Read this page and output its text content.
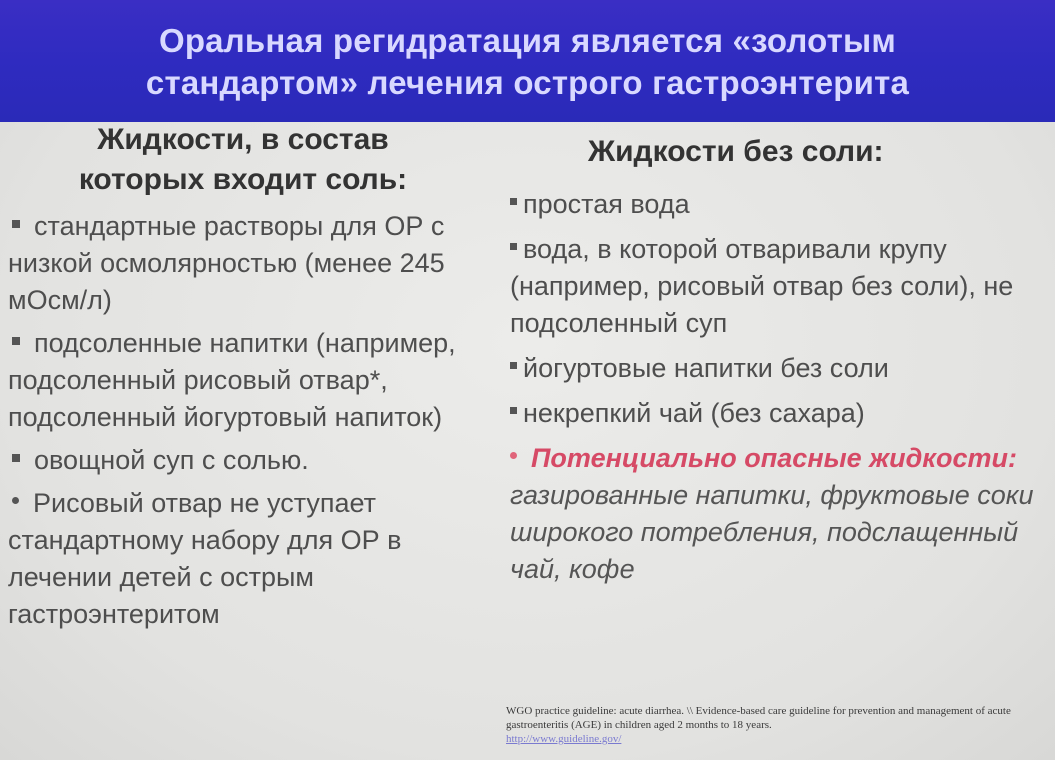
Оральная регидратация является «золотым
стандартом» лечения острого гастроэнтерита
Жидкости, в состав
которых входит соль:
стандартные растворы для ОР с низкой осмолярностью (менее 245 мОсм/л)
подсоленные напитки (например, подсоленный рисовый отвар*, подсоленный йогуртовый напиток)
овощной суп с солью.
Рисовый отвар не уступает стандартному набору для ОР в лечении детей с острым гастроэнтеритом
Жидкости без соли:
простая вода
вода, в которой отваривали крупу (например, рисовый отвар без соли), не подсоленный суп
йогуртовые напитки без соли
некрепкий чай (без сахара)
Потенциально опасные жидкости: газированные напитки, фруктовые соки широкого потребления, подслащенный чай, кофе
WGO practice guideline: acute diarrhea. \\ Evidence-based care guideline for prevention and management of acute gastroenteritis (AGE) in children aged 2 months to 18 years.
http://www.guideline.gov/
